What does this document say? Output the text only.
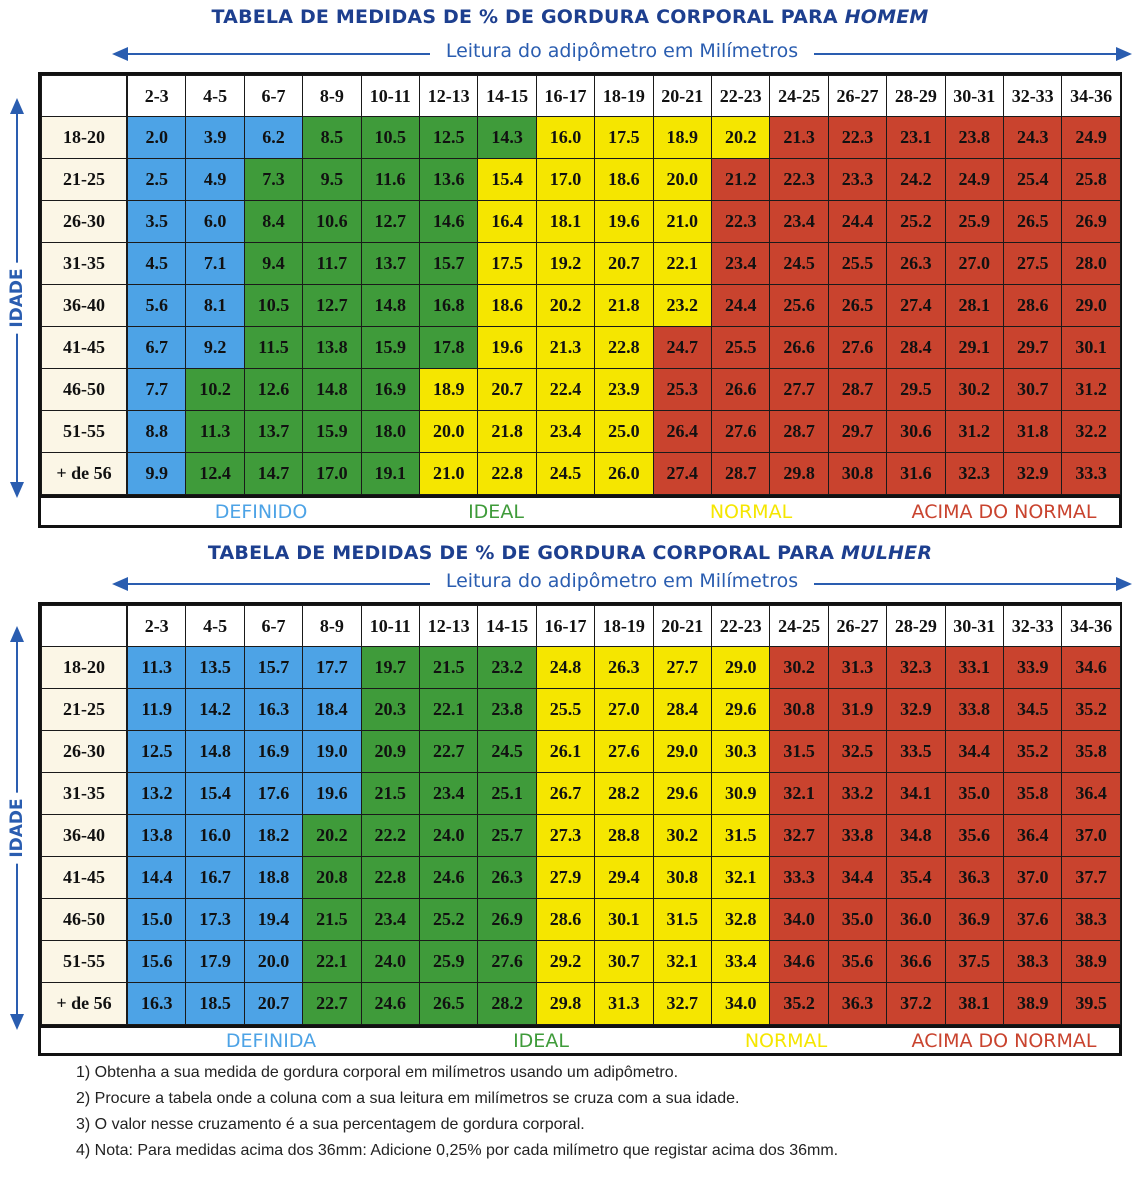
TABELA DE MEDIDAS DE % DE GORDURA CORPORAL PARA HOMEM
Leitura do adipômetro em Milímetros
IDADE
2-3	4-5	6-7	8-9	10-11 12-13 14-15 16-17 18-19 20-21 22-23 24-25 26-27 28-29 30-31 32-33 34-36
18-20	2.0	3.9	6.2	8.5	10.5	12.5	14.3	16.0	17.5	18.9	20.2	21.3	22.3	23.1	23.8	24.3	24.9
21-25	2.5	4.9	7.3	9.5	11.6	13.6	15.4	17.0	18.6	20.0	21.2	22.3	23.3	24.2	24.9	25.4	25.8
26-30	3.5	6.0	8.4	10.6	12.7	14.6	16.4	18.1	19.6	21.0	22.3	23.4	24.4	25.2	25.9	26.5	26.9
31-35	4.5	7.1	9.4	11.7	13.7	15.7	17.5	19.2	20.7	22.1	23.4	24.5	25.5	26.3	27.0	27.5	28.0
36-40	5.6	8.1	10.5	12.7	14.8	16.8	18.6	20.2	21.8	23.2	24.4	25.6	26.5	27.4	28.1	28.6	29.0
41-45	6.7	9.2	11.5	13.8	15.9	17.8	19.6	21.3	22.8	24.7	25.5	26.6	27.6	28.4	29.1	29.7	30.1
46-50	7.7	10.2	12.6	14.8	16.9	18.9	20.7	22.4	23.9	25.3	26.6	27.7	28.7	29.5	30.2	30.7	31.2
51-55	8.8	11.3	13.7	15.9	18.0	20.0	21.8	23.4	25.0	26.4	27.6	28.7	29.7	30.6	31.2	31.8	32.2
+ de 56	9.9	12.4	14.7	17.0	19.1	21.0	22.8	24.5	26.0	27.4	28.7	29.8	30.8	31.6	32.3	32.9	33.3
DEFINIDO	IDEAL	NORMAL	ACIMA DO NORMAL
TABELA DE MEDIDAS DE % DE GORDURA CORPORAL PARA MULHER
Leitura do adipômetro em Milímetros
IDADE
2-3	4-5	6-7	8-9	10-11 12-13 14-15 16-17 18-19 20-21 22-23 24-25 26-27 28-29 30-31 32-33 34-36
18-20	11.3	13.5	15.7	17.7	19.7	21.5	23.2	24.8	26.3	27.7	29.0	30.2	31.3	32.3	33.1	33.9	34.6
21-25	11.9	14.2	16.3	18.4	20.3	22.1	23.8	25.5	27.0	28.4	29.6	30.8	31.9	32.9	33.8	34.5	35.2
26-30	12.5	14.8	16.9	19.0	20.9	22.7	24.5	26.1	27.6	29.0	30.3	31.5	32.5	33.5	34.4	35.2	35.8
31-35	13.2	15.4	17.6	19.6	21.5	23.4	25.1	26.7	28.2	29.6	30.9	32.1	33.2	34.1	35.0	35.8	36.4
36-40	13.8	16.0	18.2	20.2	22.2	24.0	25.7	27.3	28.8	30.2	31.5	32.7	33.8	34.8	35.6	36.4	37.0
41-45	14.4	16.7	18.8	20.8	22.8	24.6	26.3	27.9	29.4	30.8	32.1	33.3	34.4	35.4	36.3	37.0	37.7
46-50	15.0	17.3	19.4	21.5	23.4	25.2	26.9	28.6	30.1	31.5	32.8	34.0	35.0	36.0	36.9	37.6	38.3
51-55	15.6	17.9	20.0	22.1	24.0	25.9	27.6	29.2	30.7	32.1	33.4	34.6	35.6	36.6	37.5	38.3	38.9
+ de 56	16.3	18.5	20.7	22.7	24.6	26.5	28.2	29.8	31.3	32.7	34.0	35.2	36.3	37.2	38.1	38.9	39.5
DEFINIDA	IDEAL	NORMAL	ACIMA DO NORMAL
1) Obtenha a sua medida de gordura corporal em milímetros usando um adipômetro.
2) Procure a tabela onde a coluna com a sua leitura em milímetros se cruza com a sua idade.
3) O valor nesse cruzamento é a sua percentagem de gordura corporal.
4) Nota: Para medidas acima dos 36mm: Adicione 0,25% por cada milímetro que registar acima dos 36mm.
